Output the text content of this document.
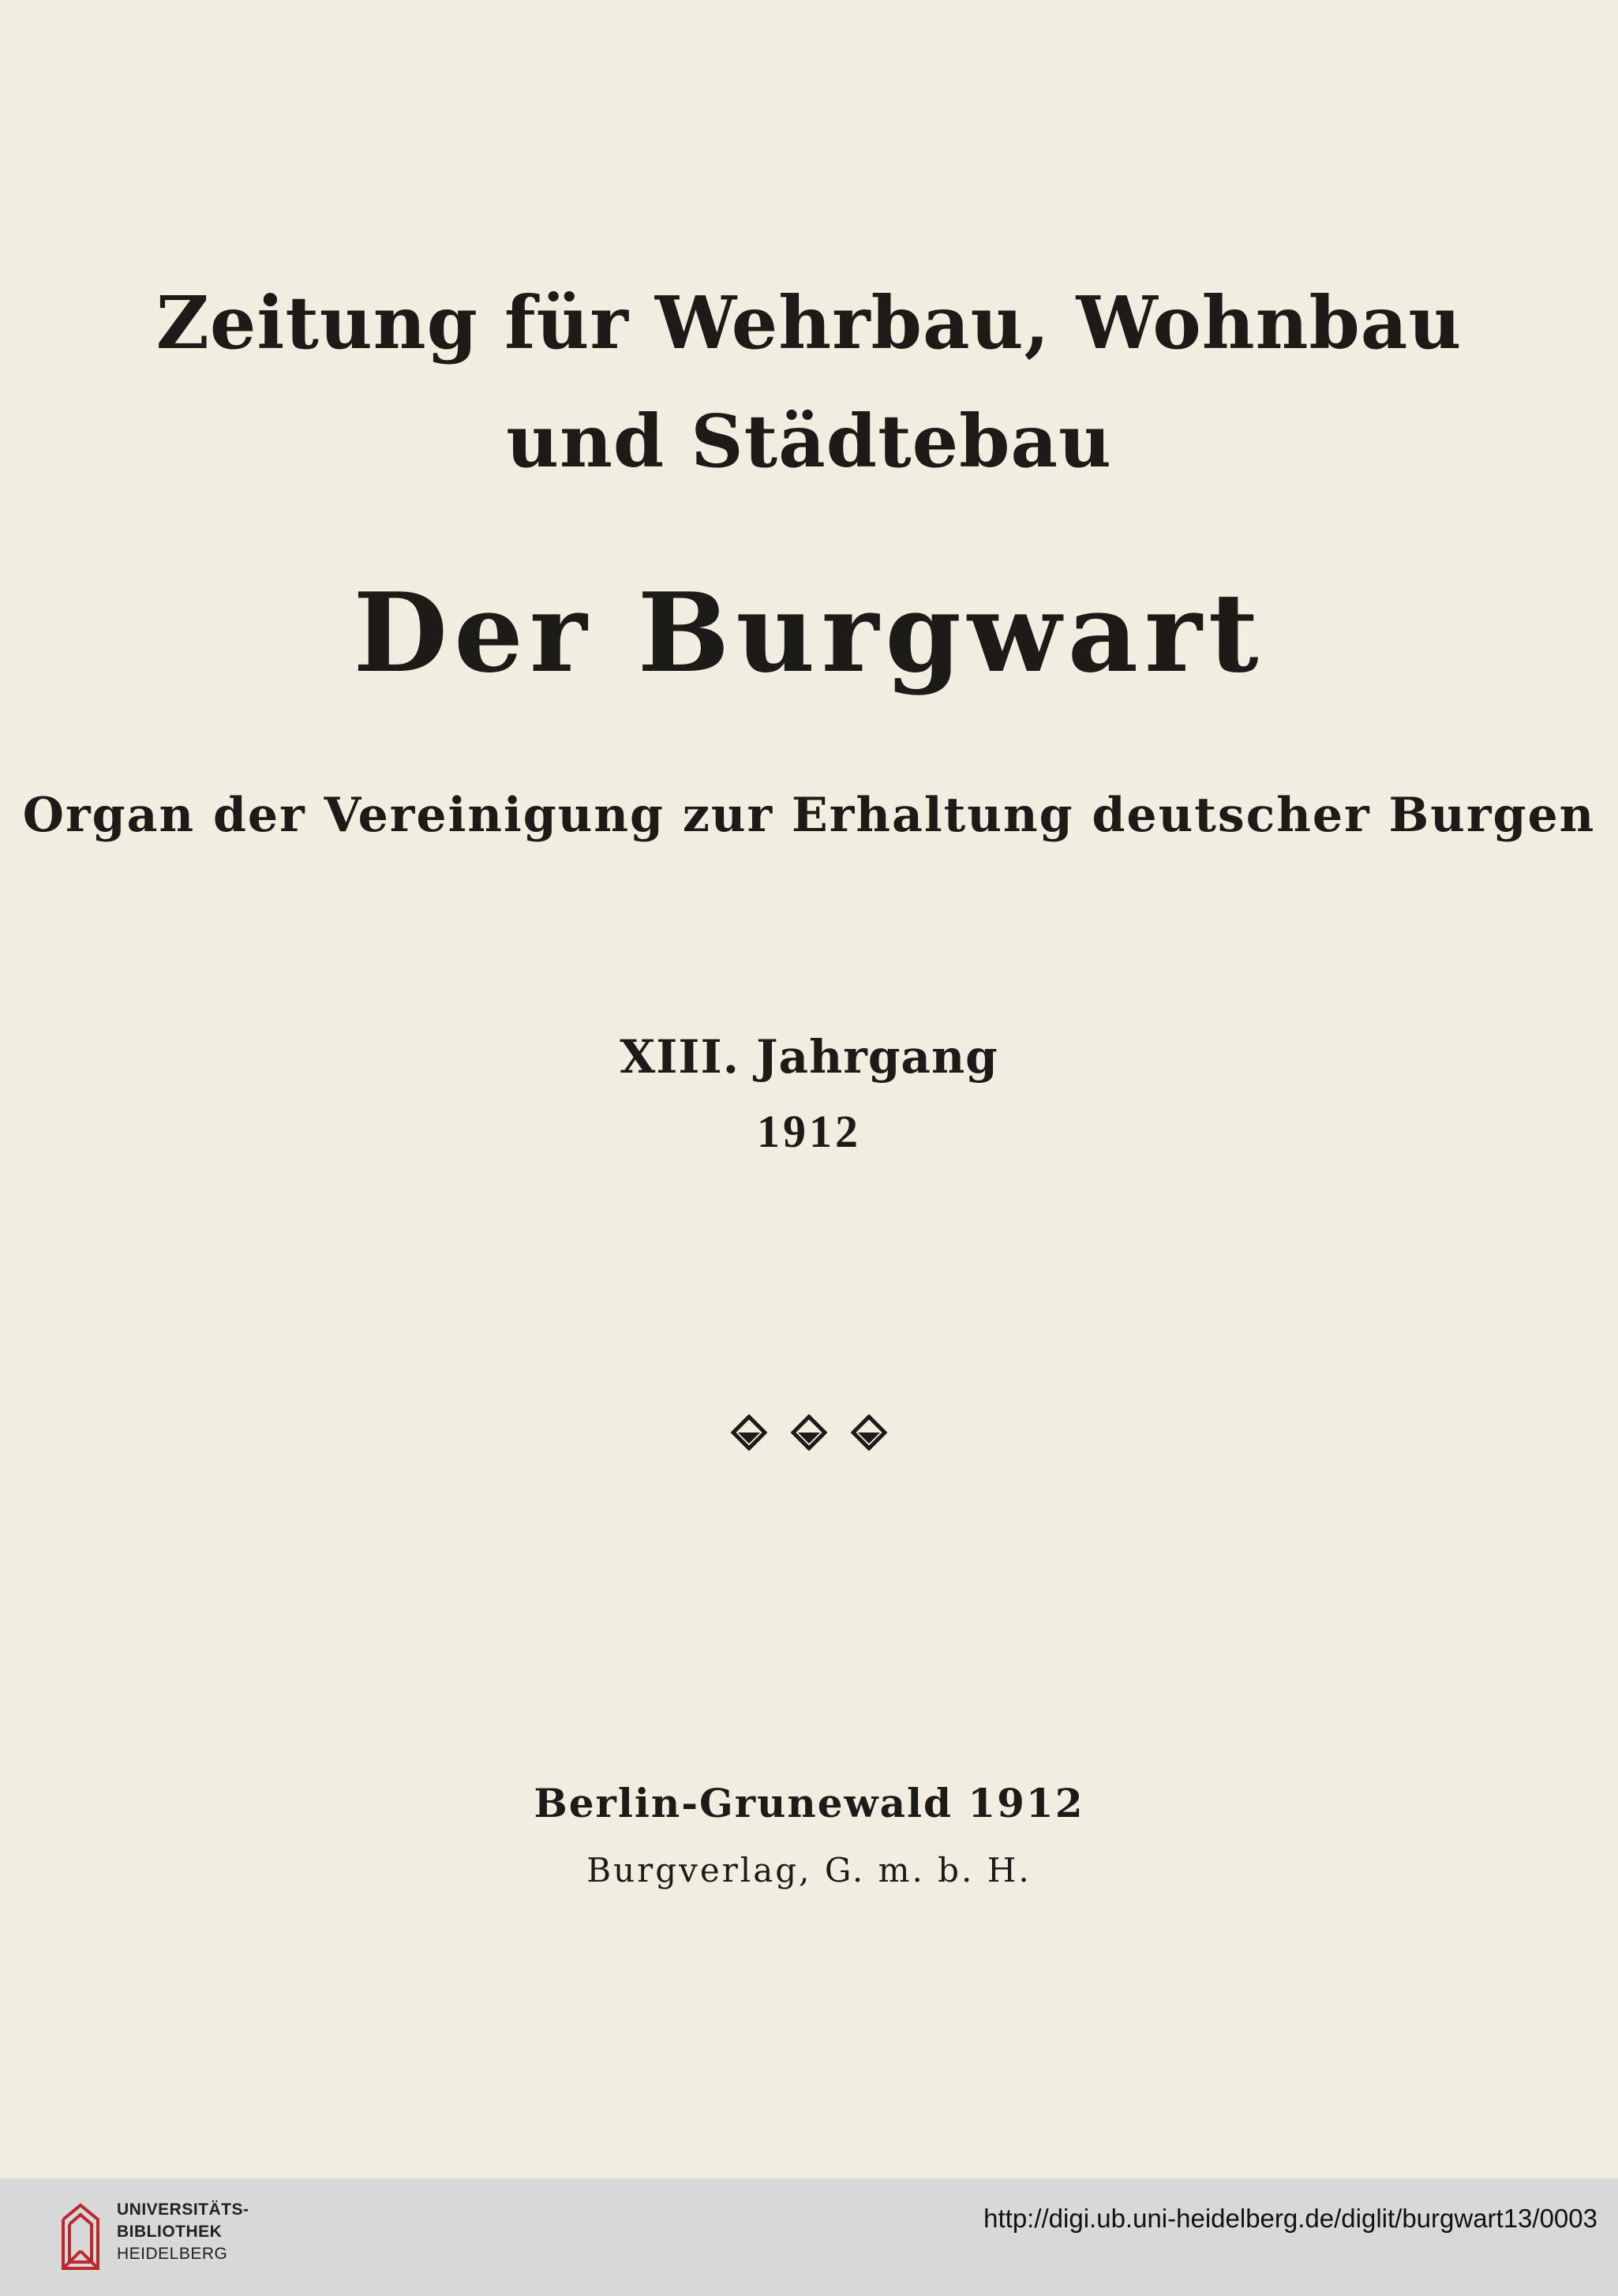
Zeitung für Wehrbau, Wohnbau
und Städtebau
Der Burgwart
Organ der Vereinigung zur Erhaltung deutscher Burgen
XIII. Jahrgang
1912
Berlin-Grunewald 1912
Burgverlag, G. m. b. H.
UNIVERSITÄTS-
BIBLIOTHEK
HEIDELBERG
http://digi.ub.uni-heidelberg.de/diglit/burgwart13/0003
